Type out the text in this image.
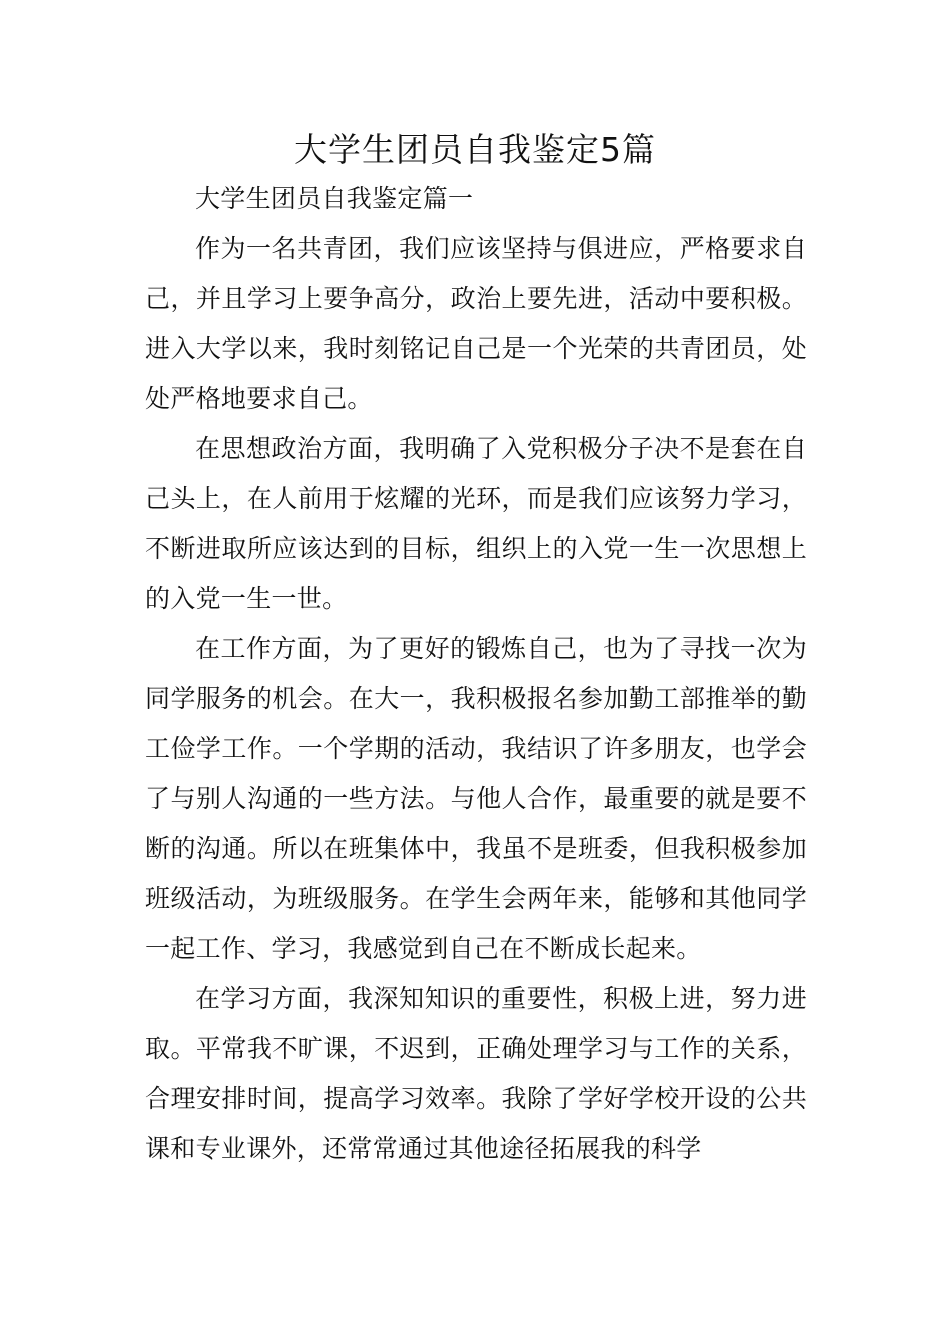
大学生团员自我鉴定5篇

大学生团员自我鉴定篇一

作为一名共青团，我们应该坚持与俱进应，严格要求自己，并且学习上要争高分，政治上要先进，活动中要积极。进入大学以来，我时刻铭记自己是一个光荣的共青团员，处处严格地要求自己。

在思想政治方面，我明确了入党积极分子决不是套在自己头上，在人前用于炫耀的光环，而是我们应该努力学习，不断进取所应该达到的目标，组织上的入党一生一次思想上的入党一生一世。

在工作方面，为了更好的锻炼自己，也为了寻找一次为同学服务的机会。在大一，我积极报名参加勤工部推举的勤工俭学工作。一个学期的活动，我结识了许多朋友，也学会了与别人沟通的一些方法。与他人合作，最重要的就是要不断的沟通。所以在班集体中，我虽不是班委，但我积极参加班级活动，为班级服务。在学生会两年来，能够和其他同学一起工作、学习，我感觉到自己在不断成长起来。

在学习方面，我深知知识的重要性，积极上进，努力进取。平常我不旷课，不迟到，正确处理学习与工作的关系，合理安排时间，提高学习效率。我除了学好学校开设的公共课和专业课外，还常常通过其他途径拓展我的科学
